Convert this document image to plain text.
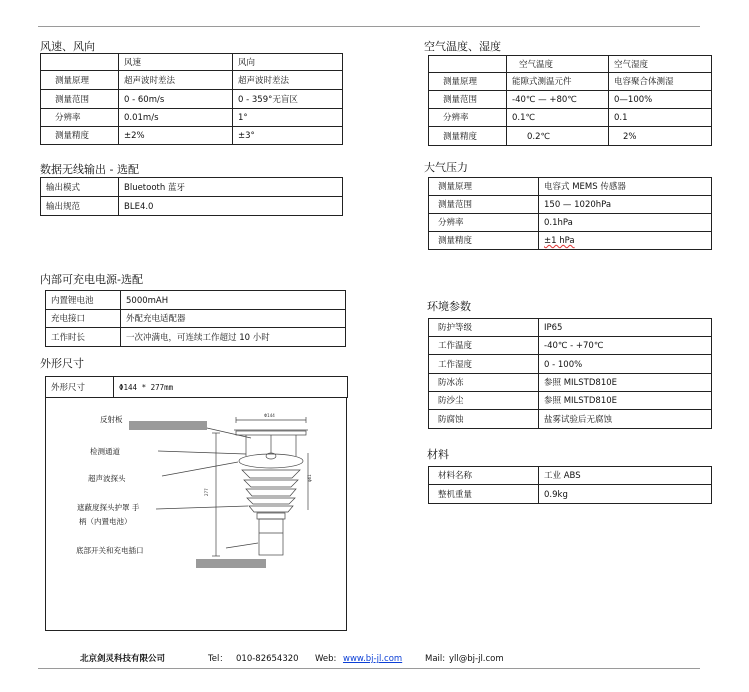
风速、风向
	风速	风向
测量原理	超声波时差法	超声波时差法
测量范围	0 - 60m/s	0 - 359°无盲区
分辨率	0.01m/s	1°
测量精度	±2%	±3°
数据无线输出 - 选配
输出模式	Bluetooth 蓝牙
输出规范	BLE4.0
内部可充电电源-选配
内置锂电池	5000mAH
充电接口	外配充电适配器
工作时长	一次冲满电，可连续工作超过 10 小时
外形尺寸
外形尺寸	Φ144 * 277mm
反射板
检测通道
超声波探头
遮蔽度探头护罩 手
柄（内置电池）
底部开关和充电插口
Φ144
277
φ61
空气温度、湿度
	空气温度	空气湿度
测量原理	能隙式测温元件	电容聚合体测湿
测量范围	-40℃ — +80℃	0—100%
分辨率	0.1℃	0.1
测量精度	0.2℃	2%
大气压力
测量原理	电容式 MEMS 传感器
测量范围	150 — 1020hPa
分辨率	0.1hPa
测量精度	±1 hPa
环境参数
防护等级	IP65
工作温度	-40℃ - +70℃
工作湿度	0 - 100%
防冰冻	参照 MILSTD810E
防沙尘	参照 MILSTD810E
防腐蚀	盐雾试验后无腐蚀
材料
材料名称	工业 ABS
整机重量	0.9kg
北京剑灵科技有限公司	Tel： 010-82654320 Web: www.bj-jl.com	Mail: yll@bj-jl.com
